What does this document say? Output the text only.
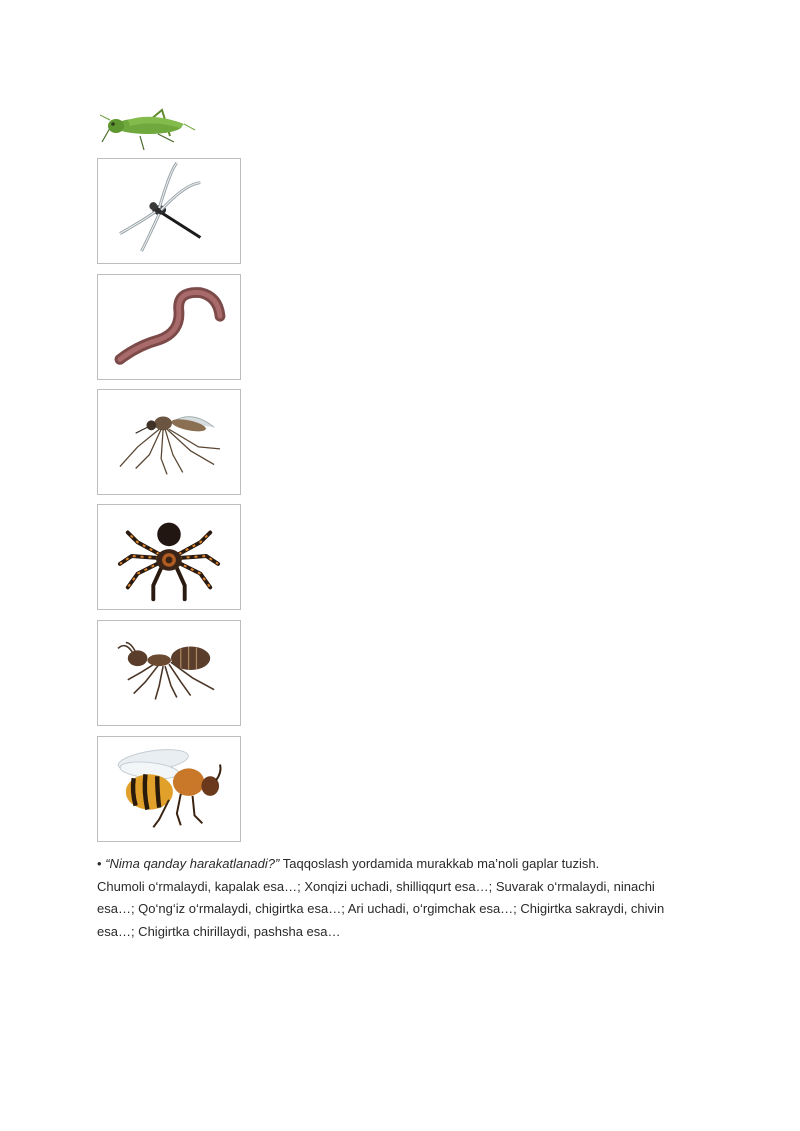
• “Nima qanday harakatlanadi?” Taqqoslash yordamida murakkab ma’noli gaplar tuzish.

Chumoli o‘rmalaydi, kapalak esa…; Xonqizi uchadi, shilliqqurt esa…; Suvarak o‘rmalaydi, ninachi

esa…; Qo‘ng‘iz o‘rmalaydi, chigirtka esa…; Ari uchadi, o‘rgimchak esa…; Chigirtka sakraydi, chivin

esa…; Chigirtka chirillaydi, pashsha esa…
